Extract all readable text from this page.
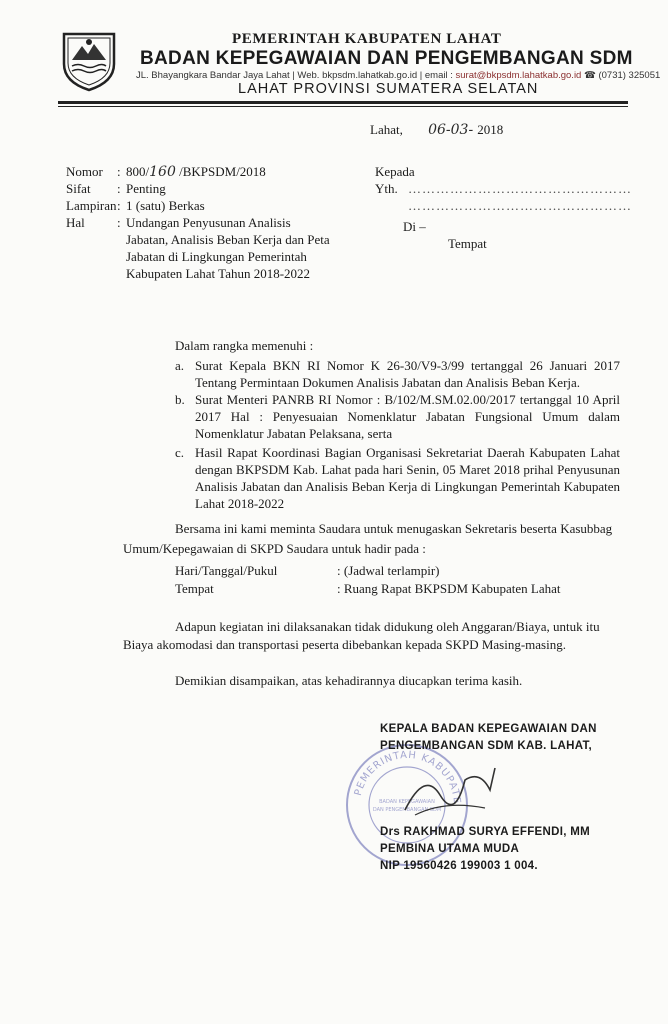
PEMERINTAH KABUPATEN LAHAT
BADAN KEPEGAWAIAN DAN PENGEMBANGAN SDM
JL. Bhayangkara Bandar Jaya Lahat | Web. bkpsdm.lahatkab.go.id | email : surat@bkpsdm.lahatkab.go.id ☎ (0731) 325051
LAHAT PROVINSI SUMATERA SELATAN
Lahat, 06-03- 2018
Nomor : 800/160 /BKPSDM/2018
Sifat : Penting
Lampiran : 1 (satu) Berkas
Hal : Undangan Penyusunan Analisis
Jabatan, Analisis Beban Kerja dan Peta
Jabatan di Lingkungan Pemerintah
Kabupaten Lahat Tahun 2018-2022
Kepada
Yth. …………………………………………
…………………………………………
Di –
Tempat
Dalam rangka memenuhi :
a. Surat Kepala BKN RI Nomor K 26-30/V9-3/99 tertanggal 26 Januari 2017 Tentang Permintaan Dokumen Analisis Jabatan dan Analisis Beban Kerja.
b. Surat Menteri PANRB RI Nomor : B/102/M.SM.02.00/2017 tertanggal 10 April 2017 Hal : Penyesuaian Nomenklatur Jabatan Fungsional Umum dalam Nomenklatur Jabatan Pelaksana, serta
c. Hasil Rapat Koordinasi Bagian Organisasi Sekretariat Daerah Kabupaten Lahat dengan BKPSDM Kab. Lahat pada hari Senin, 05 Maret 2018 prihal Penyusunan Analisis Jabatan dan Analisis Beban Kerja di Lingkungan Pemerintah Kabupaten Lahat 2018-2022
Bersama ini kami meminta Saudara untuk menugaskan Sekretaris beserta Kasubbag
Umum/Kepegawaian di SKPD Saudara untuk hadir pada :
Hari/Tanggal/Pukul	: (Jadwal terlampir)
Tempat	: Ruang Rapat BKPSDM Kabupaten Lahat
Adapun kegiatan ini dilaksanakan tidak didukung oleh Anggaran/Biaya, untuk itu
Biaya akomodasi dan transportasi peserta dibebankan kepada SKPD Masing-masing.
Demikian disampaikan, atas kehadirannya diucapkan terima kasih.
PEMERINTAH KABUPATE
BADAN KEPEGAWAIAN
DAN PENGEMBANGAN SDM
KEPALA BADAN KEPEGAWAIAN DAN
PENGEMBANGAN SDM KAB. LAHAT,
Drs RAKHMAD SURYA EFFENDI, MM
PEMBINA UTAMA MUDA
NIP 19560426 199003 1 004.
